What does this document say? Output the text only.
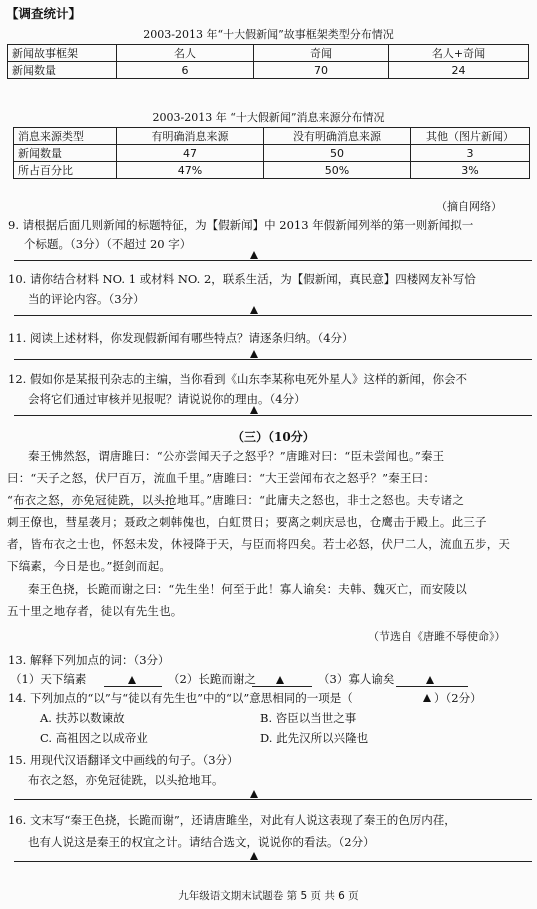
【调查统计】
2003-2013 年“十大假新闻”故事框架类型分布情况
新闻故事框架	名人	奇闻	名人+奇闻
新闻数量	6	70	24
2003-2013 年 “十大假新闻”消息来源分布情况
消息来源类型	有明确消息来源	没有明确消息来源	其他（图片新闻）
新闻数量	47	50	3
所占百分比	47%	50%	3%
（摘自网络）
9. 请根据后面几则新闻的标题特征，为【假新闻】中 2013 年假新闻列举的第一则新闻拟一
个标题。（3分）（不超过 20 字）
10. 请你结合材料 NO. 1 或材料 NO. 2，联系生活，为【假新闻，真民意】四楼网友补写恰
当的评论内容。（3分）
11. 阅读上述材料，你发现假新闻有哪些特点？请逐条归纳。（4分）
12. 假如你是某报刊杂志的主编，当你看到《山东李某称电死外星人》这样的新闻，你会不
会将它们通过审核并见报呢？请说说你的理由。（4分）
（三）（10分）
秦王怫然怒，谓唐雎曰：“公亦尝闻天子之怒乎？”唐雎对曰：“臣未尝闻也。”秦王
曰：“天子之怒，伏尸百万，流血千里。”唐雎曰：“大王尝闻布衣之怒乎？”秦王曰：
“布衣之怒，亦免冠徒跣，以头抢地耳。”唐雎曰：“此庸夫之怒也，非士之怒也。夫专诸之
刺王僚也，彗星袭月；聂政之刺韩傀也，白虹贯日；要离之刺庆忌也，仓鹰击于殿上。此三子
者，皆布衣之士也，怀怒未发，休祲降于天，与臣而将四矣。若士必怒，伏尸二人，流血五步，天
下缟素，今日是也。”挺剑而起。
秦王色挠，长跪而谢之曰：“先生坐！何至于此！寡人谕矣：夫韩、魏灭亡，而安陵以
五十里之地存者，徒以有先生也。
（节选自《唐雎不辱使命》）
13. 解释下列加点的词：（3分）
（1）天下缟素	（2）长跪而谢之	（3）寡人谕矣
14. 下列加点的“以”与“徒以有先生也”中的“以”意思相同的一项是（	）（2分）
A. 扶苏以数谏故	B. 咨臣以当世之事
C. 高祖因之以成帝业	D. 此先汉所以兴隆也
15. 用现代汉语翻译文中画线的句子。（3分）
布衣之怒，亦免冠徒跣，以头抢地耳。
16. 文末写“秦王色挠，长跪而谢”，还请唐雎坐，对此有人说这表现了秦王的色厉内荏，
也有人说这是秦王的权宜之计。请结合选文，说说你的看法。（2分）
九年级语文期末试题卷 第 5 页 共 6 页
